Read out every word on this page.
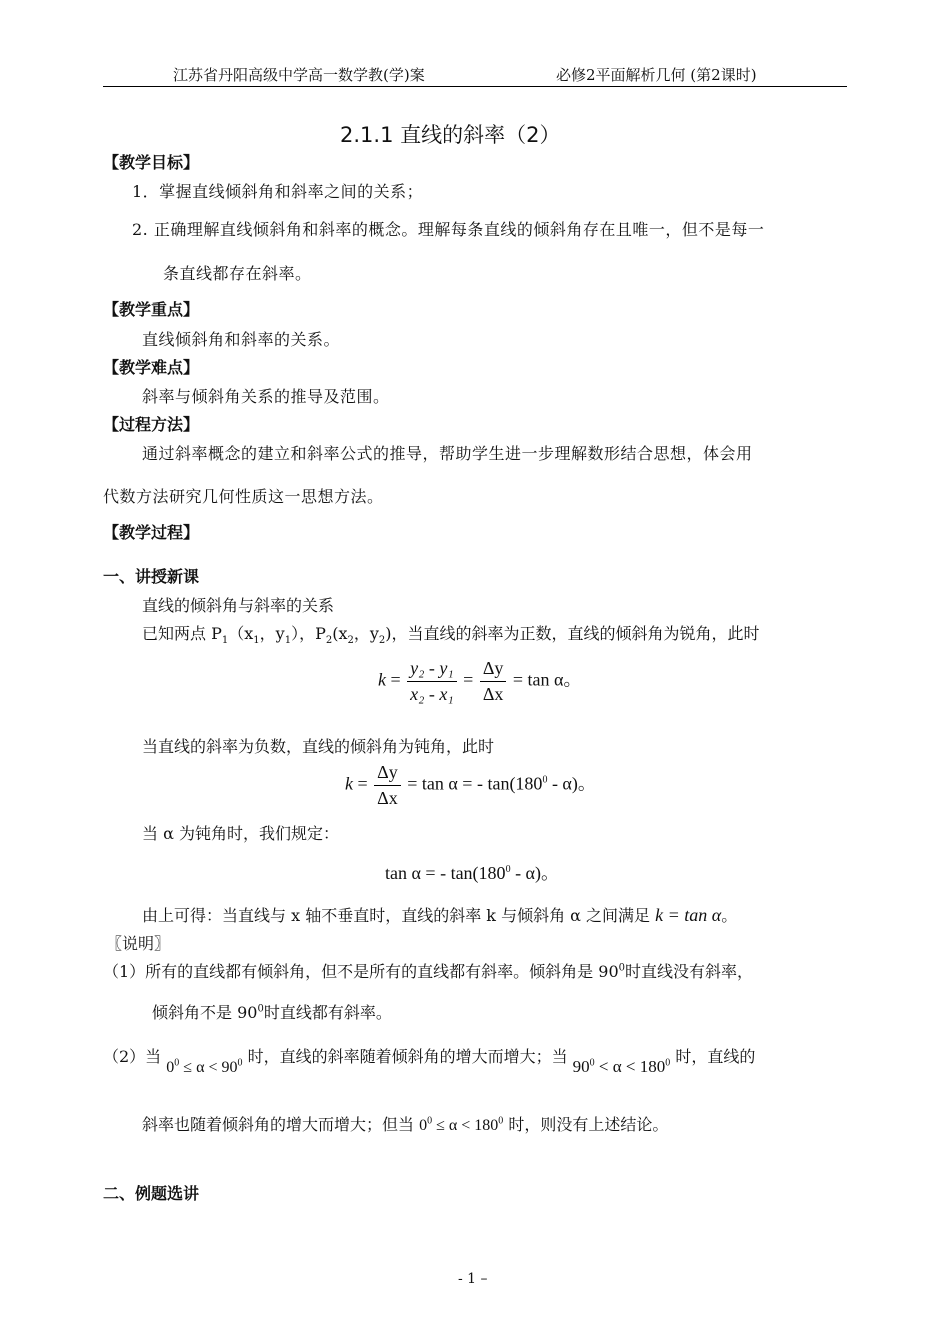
江苏省丹阳高级中学高一数学教(学)案	必修2平面解析几何 (第2课时)
2.1.1 直线的斜率（2）
【教学目标】
1．掌握直线倾斜角和斜率之间的关系；
2. 正确理解直线倾斜角和斜率的概念。理解每条直线的倾斜角存在且唯一，但不是每一
条直线都存在斜率。
【教学重点】
直线倾斜角和斜率的关系。
【教学难点】
斜率与倾斜角关系的推导及范围。
【过程方法】
通过斜率概念的建立和斜率公式的推导，帮助学生进一步理解数形结合思想，体会用
代数方法研究几何性质这一思想方法。
【教学过程】
一、讲授新课
直线的倾斜角与斜率的关系
已知两点 $P_1(x_1$，$y_1$），$P_2(x_2$，$y_2$)，当直线的斜率为正数，直线的倾斜角为锐角，此时
$k = \frac{\text{y₂ - y₁}}{\text{x₂ - x₁}} = \frac{\Delta y}{\Delta x} = \tan \alpha$。
当直线的斜率为负数，直线的倾斜角为钝角，此时
$k = \frac{\Delta y}{\Delta x} = \tan \alpha$ = - $\tan(180^0 - \alpha)$。
当 α 为钝角时，我们规定：
tan α = - $\tan(180^0 - \alpha)$。
由上可得：当直线与 x 轴不垂直时，直线的斜率 k 与倾斜角 α 之间满足 k = tan α。
〖说明〗
（1）所有的直线都有倾斜角，但不是所有的直线都有斜率。倾斜角是 $90^0$时直线没有斜率，
倾斜角不是 $90^0$时直线都有斜率。
（2）当 $0^0 \le \alpha < 90^0$ 时，直线的斜率随着倾斜角的增大而增大；当 $90^0 < \alpha < 180^0$ 时，直线的
斜率也随着倾斜角的增大而增大；但当 $0^0 \le \alpha < 180^0$ 时，则没有上述结论。
二、例题选讲
- 1 –
